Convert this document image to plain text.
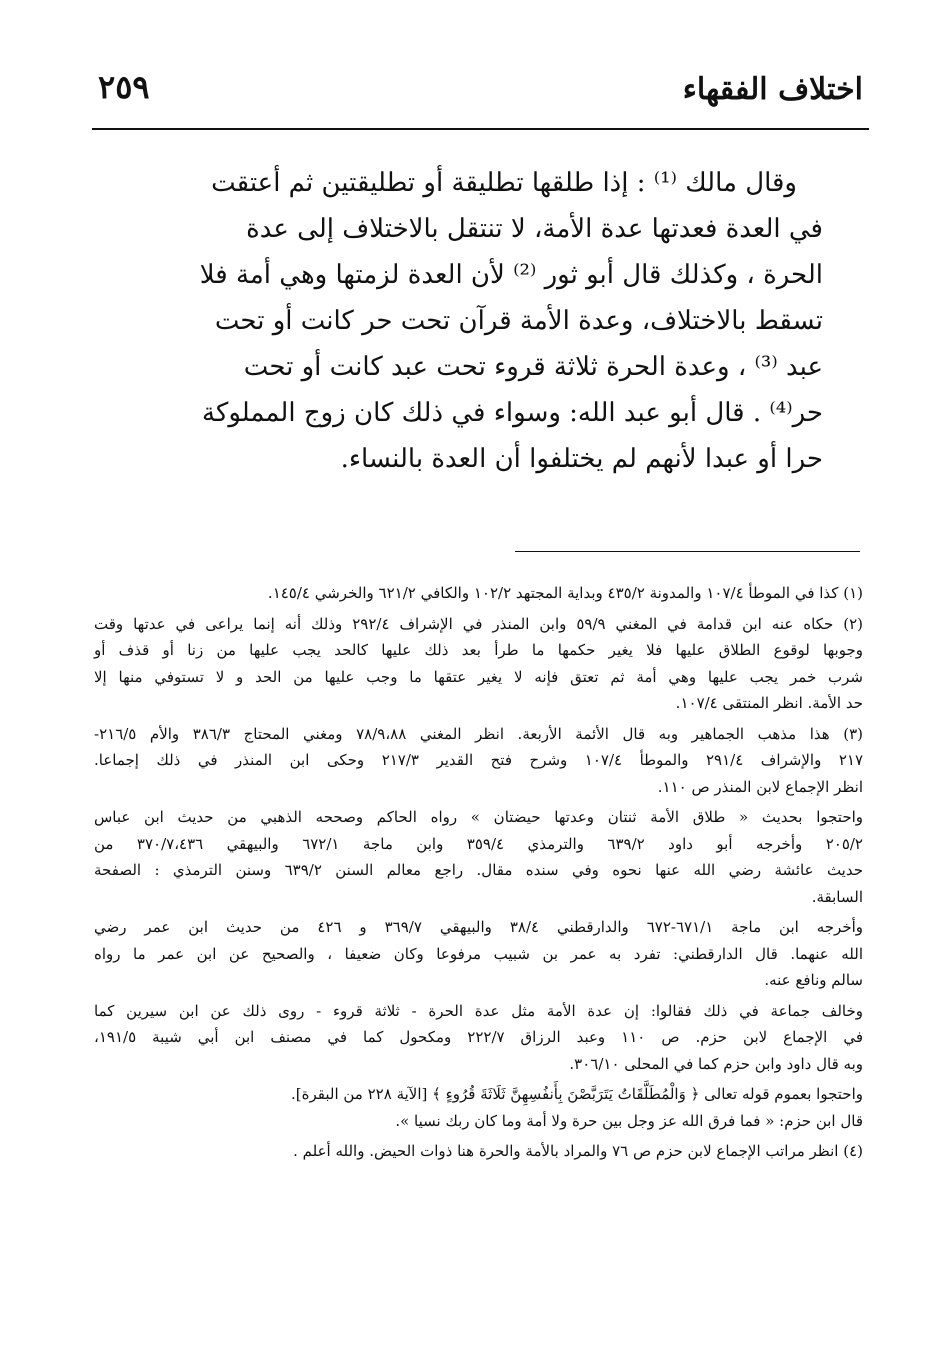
اختلاف الفقهاء
٢٥٩
وقال مالك ⁽¹⁾ : إذا طلقها تطليقة أو تطليقتين ثم أعتقت
في العدة فعدتها عدة الأمة، لا تنتقل بالاختلاف إلى عدة
الحرة ، وكذلك قال أبو ثور ⁽²⁾ لأن العدة لزمتها وهي أمة فلا
تسقط بالاختلاف، وعدة الأمة قرآن تحت حر كانت أو تحت
عبد ⁽³⁾ ، وعدة الحرة ثلاثة قروء تحت عبد كانت أو تحت
حر⁽⁴⁾ . قال أبو عبد الله: وسواء في ذلك كان زوج المملوكة
حرا أو عبدا لأنهم لم يختلفوا أن العدة بالنساء.
(١) كذا في الموطأ ١٠٧/٤ والمدونة ٤٣٥/٢ وبداية المجتهد ١٠٢/٢ والكافي ٦٢١/٢ والخرشي ١٤٥/٤.
(٢) حكاه عنه ابن قدامة في المغني ٥٩/٩ وابن المنذر في الإشراف ٢٩٢/٤ وذلك أنه إنما يراعى في عدتها وقت
وجوبها لوقوع الطلاق عليها فلا يغير حكمها ما طرأ بعد ذلك عليها كالحد يجب عليها من زنا أو قذف أو
شرب خمر يجب عليها وهي أمة ثم تعتق فإنه لا يغير عتقها ما وجب عليها من الحد و لا تستوفي منها إلا
حد الأمة. انظر المنتقى ١٠٧/٤.
(٣) هذا مذهب الجماهير وبه قال الأئمة الأربعة. انظر المغني ٧٨/٩،٨٨ ومغني المحتاج ٣٨٦/٣ والأم ٢١٦/٥-
٢١٧ والإشراف ٢٩١/٤ والموطأ ١٠٧/٤ وشرح فتح القدير ٢١٧/٣ وحكى ابن المنذر في ذلك إجماعا.
انظر الإجماع لابن المنذر ص ١١٠.
واحتجوا بحديث « طلاق الأمة ثنتان وعدتها حيضتان » رواه الحاكم وصححه الذهبي من حديث ابن عباس
٢٠٥/٢ وأخرجه أبو داود ٦٣٩/٢ والترمذي ٣٥٩/٤ وابن ماجة ٦٧٢/١ والبيهقي ٣٧٠/٧،٤٣٦ من
حديث عائشة رضي الله عنها نحوه وفي سنده مقال. راجع معالم السنن ٦٣٩/٢ وسنن الترمذي : الصفحة
السابقة.
وأخرجه ابن ماجة ٦٧١/١-٦٧٢ والدارقطني ٣٨/٤ والبيهقي ٣٦٩/٧ و ٤٢٦ من حديث ابن عمر رضي
الله عنهما. قال الدارقطني: تفرد به عمر بن شبيب مرفوعا وكان ضعيفا ، والصحيح عن ابن عمر ما رواه
سالم ونافع عنه.
وخالف جماعة في ذلك فقالوا: إن عدة الأمة مثل عدة الحرة - ثلاثة قروء - روى ذلك عن ابن سيرين كما
في الإجماع لابن حزم. ص ١١٠ وعبد الرزاق ٢٢٢/٧ ومكحول كما في مصنف ابن أبي شيبة ١٩١/٥،
وبه قال داود وابن حزم كما في المحلى ٣٠٦/١٠.
واحتجوا بعموم قوله تعالى ﴿ وَالْمُطَلَّقَاتُ يَتَرَبَّصْنَ بِأَنفُسِهِنَّ ثَلَاثَةَ قُرُوءٍ ﴾ [الآية ٢٢٨ من البقرة].
قال ابن حزم: « فما فرق الله عز وجل بين حرة ولا أمة وما كان ربك نسيا ».
(٤) انظر مراتب الإجماع لابن حزم ص ٧٦ والمراد بالأمة والحرة هنا ذوات الحيض. والله أعلم .
